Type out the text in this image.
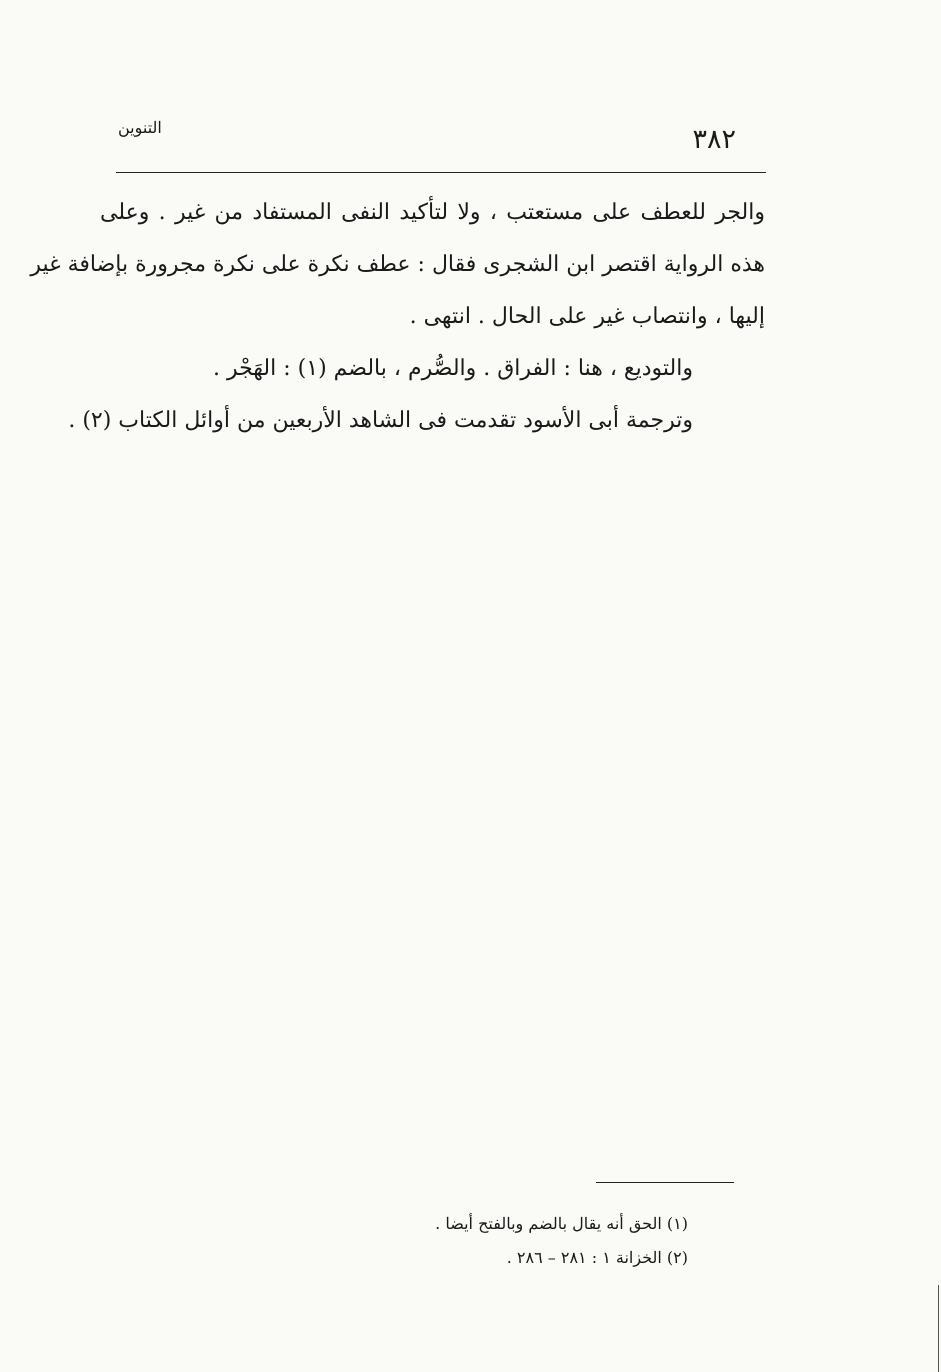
التنوين	٣٨٢
والجر للعطف على مستعتب ، ولا لتأكيد النفى المستفاد من غير . وعلى
هذه الرواية اقتصر ابن الشجرى فقال : عطف نكرة على نكرة مجرورة بإضافة غير
إليها ، وانتصاب غير على الحال . انتهى .
والتوديع ، هنا : الفراق . والصُّرم ، بالضم (١) : الهَجْر .
وترجمة أبى الأسود تقدمت فى الشاهد الأربعين من أوائل الكتاب (٢) .
(١) الحق أنه يقال بالضم وبالفتح أيضا .
(٢) الخزانة ١ : ٢٨١ – ٢٨٦ .
